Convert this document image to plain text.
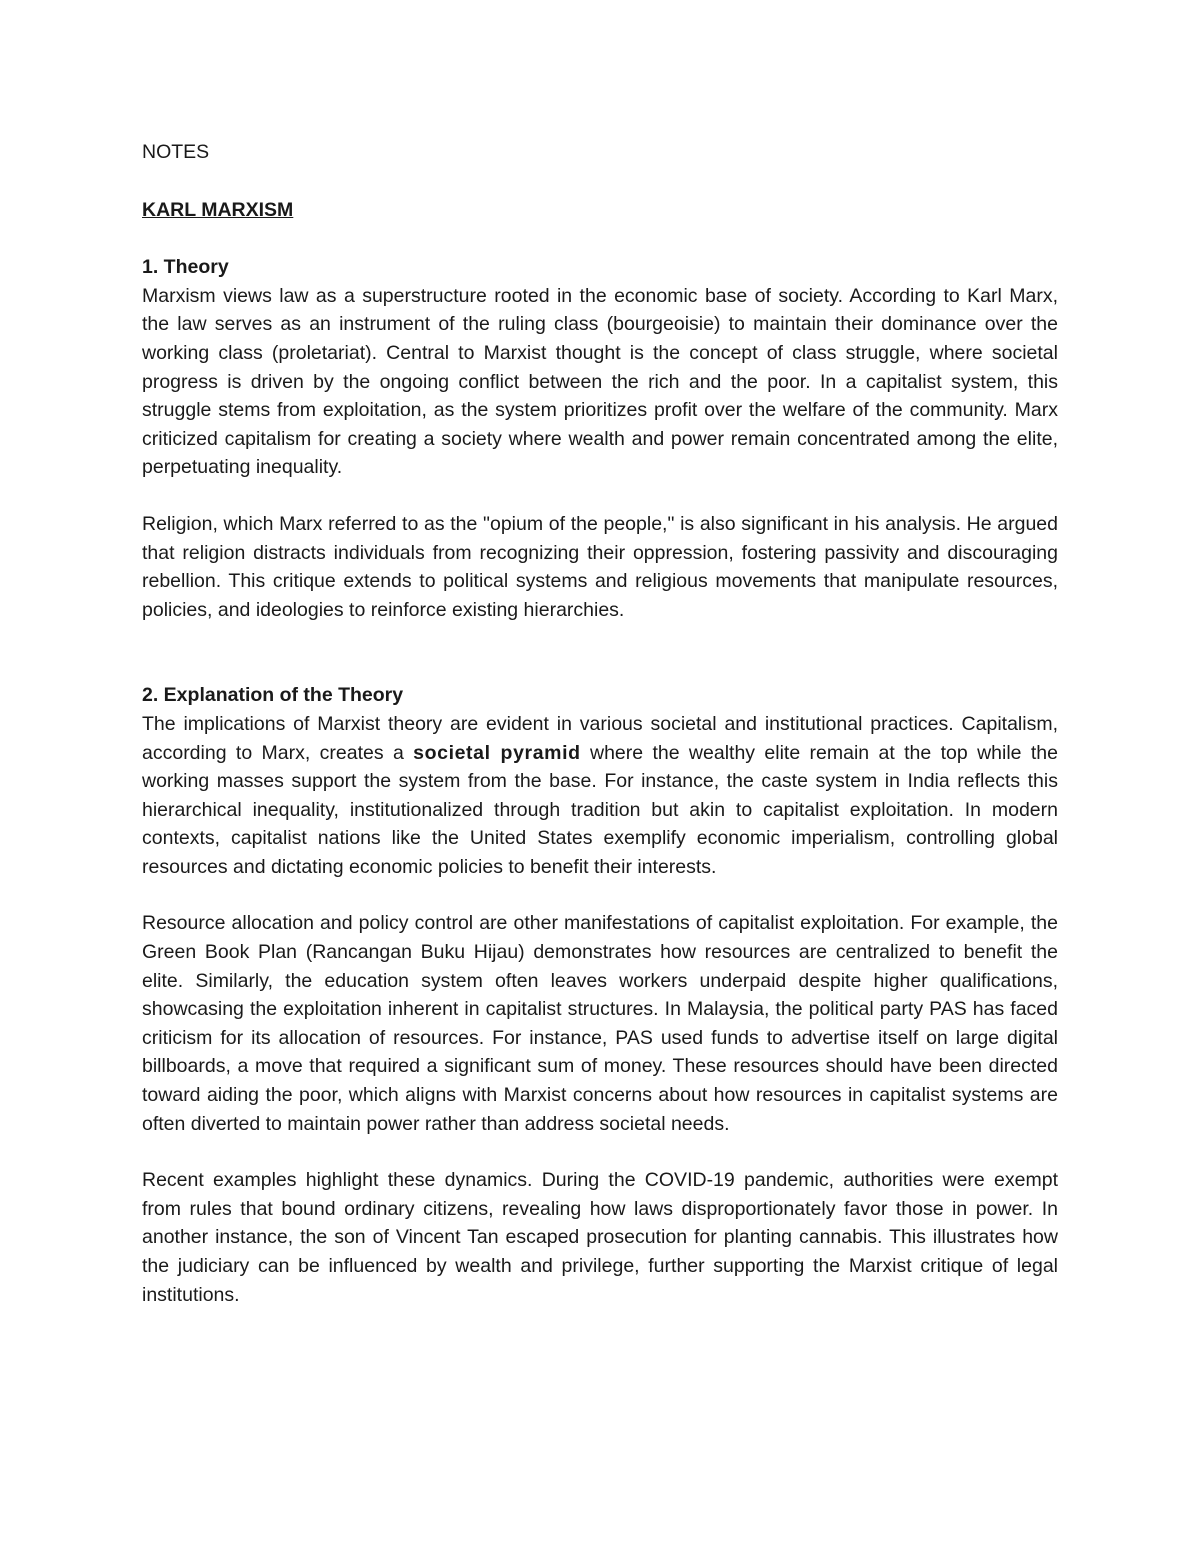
NOTES
KARL MARXISM
1. Theory

Marxism views law as a superstructure rooted in the economic base of society. According to Karl Marx, the law serves as an instrument of the ruling class (bourgeoisie) to maintain their dominance over the working class (proletariat). Central to Marxist thought is the concept of class struggle, where societal progress is driven by the ongoing conflict between the rich and the poor. In a capitalist system, this struggle stems from exploitation, as the system prioritizes profit over the welfare of the community. Marx criticized capitalism for creating a society where wealth and power remain concentrated among the elite, perpetuating inequality.

Religion, which Marx referred to as the "opium of the people," is also significant in his analysis. He argued that religion distracts individuals from recognizing their oppression, fostering passivity and discouraging rebellion. This critique extends to political systems and religious movements that manipulate resources, policies, and ideologies to reinforce existing hierarchies.

2. Explanation of the Theory

The implications of Marxist theory are evident in various societal and institutional practices. Capitalism, according to Marx, creates a societal pyramid where the wealthy elite remain at the top while the working masses support the system from the base. For instance, the caste system in India reflects this hierarchical inequality, institutionalized through tradition but akin to capitalist exploitation. In modern contexts, capitalist nations like the United States exemplify economic imperialism, controlling global resources and dictating economic policies to benefit their interests.

Resource allocation and policy control are other manifestations of capitalist exploitation. For example, the Green Book Plan (Rancangan Buku Hijau) demonstrates how resources are centralized to benefit the elite. Similarly, the education system often leaves workers underpaid despite higher qualifications, showcasing the exploitation inherent in capitalist structures. In Malaysia, the political party PAS has faced criticism for its allocation of resources. For instance, PAS used funds to advertise itself on large digital billboards, a move that required a significant sum of money. These resources should have been directed toward aiding the poor, which aligns with Marxist concerns about how resources in capitalist systems are often diverted to maintain power rather than address societal needs.

Recent examples highlight these dynamics. During the COVID-19 pandemic, authorities were exempt from rules that bound ordinary citizens, revealing how laws disproportionately favor those in power. In another instance, the son of Vincent Tan escaped prosecution for planting cannabis. This illustrates how the judiciary can be influenced by wealth and privilege, further supporting the Marxist critique of legal institutions.
